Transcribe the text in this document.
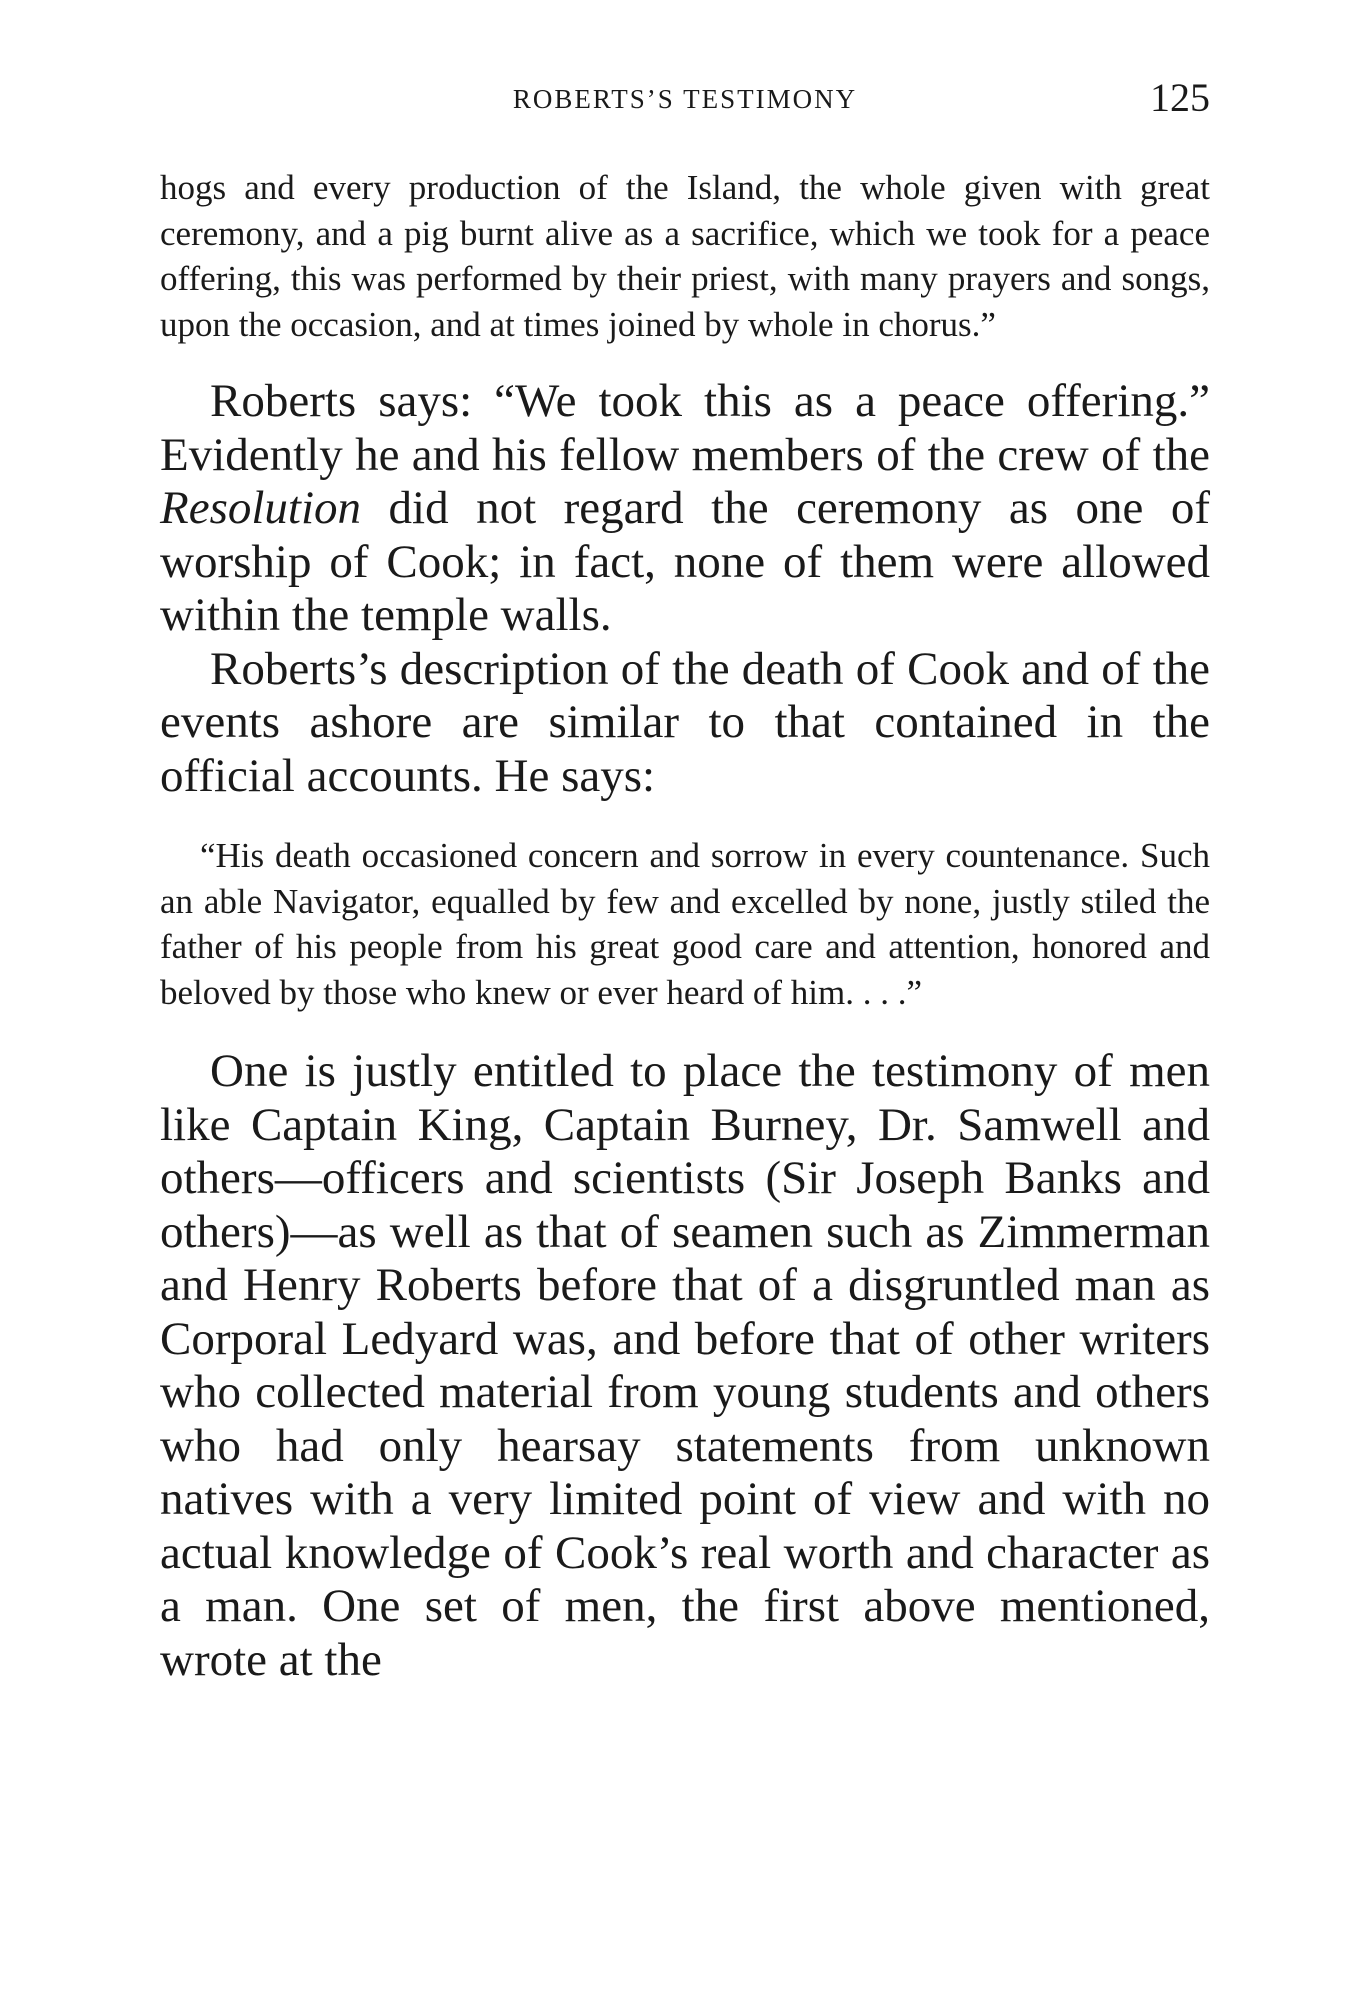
ROBERTS’S TESTIMONY	125

hogs and every production of the Island, the whole given with great ceremony, and a pig burnt alive as a sacrifice, which we took for a peace offering, this was performed by their priest, with many prayers and songs, upon the occasion, and at times joined by whole in chorus.”

Roberts says: “We took this as a peace offering.” Evidently he and his fellow members of the crew of the Resolution did not regard the ceremony as one of worship of Cook; in fact, none of them were allowed within the temple walls.

Roberts’s description of the death of Cook and of the events ashore are similar to that contained in the official accounts. He says:

“His death occasioned concern and sorrow in every countenance. Such an able Navigator, equalled by few and excelled by none, justly stiled the father of his people from his great good care and attention, honored and beloved by those who knew or ever heard of him. . . .”

One is justly entitled to place the testimony of men like Captain King, Captain Burney, Dr. Samwell and others—officers and scientists (Sir Joseph Banks and others)—as well as that of seamen such as Zimmerman and Henry Roberts before that of a disgruntled man as Corporal Ledyard was, and before that of other writers who collected material from young students and others who had only hearsay statements from unknown natives with a very limited point of view and with no actual knowledge of Cook’s real worth and character as a man. One set of men, the first above mentioned, wrote at the
